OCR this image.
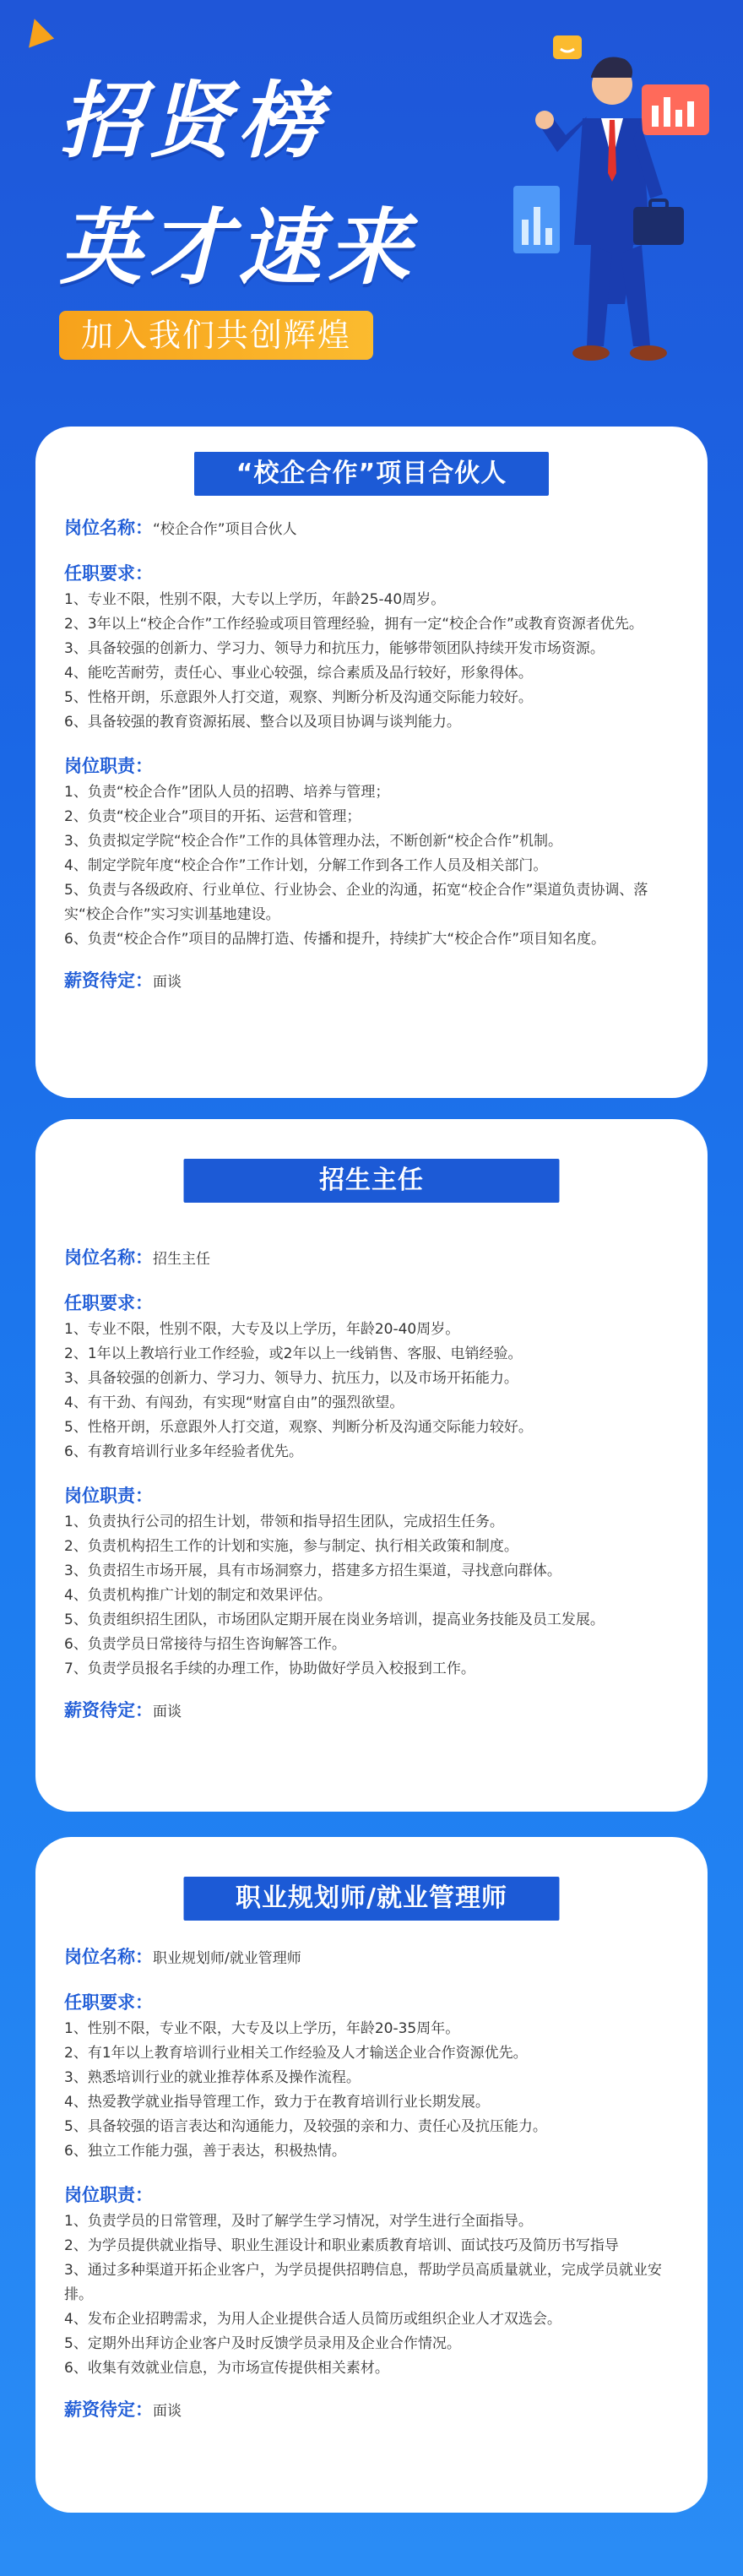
招贤榜
英才速来
加入我们共创辉煌
“校企合作”项目合伙人
岗位名称：“校企合作”项目合伙人
任职要求：
1、专业不限，性别不限，大专以上学历，年龄25-40周岁。
2、3年以上“校企合作”工作经验或项目管理经验，拥有一定“校企合作”或教育资源者优先。
3、具备较强的创新力、学习力、领导力和抗压力，能够带领团队持续开发市场资源。
4、能吃苦耐劳，责任心、事业心较强，综合素质及品行较好，形象得体。
5、性格开朗，乐意跟外人打交道，观察、判断分析及沟通交际能力较好。
6、具备较强的教育资源拓展、整合以及项目协调与谈判能力。
岗位职责：
1、负责“校企合作”团队人员的招聘、培养与管理；
2、负责“校企业合”项目的开拓、运营和管理；
3、负责拟定学院“校企合作”工作的具体管理办法，不断创新“校企合作”机制。
4、制定学院年度“校企合作”工作计划，分解工作到各工作人员及相关部门。
5、负责与各级政府、行业单位、行业协会、企业的沟通，拓宽“校企合作”渠道负责协调、落实“校企合作”实习实训基地建设。
6、负责“校企合作”项目的品牌打造、传播和提升，持续扩大“校企合作”项目知名度。
薪资待定：面谈
招生主任
岗位名称：招生主任
任职要求：
1、专业不限，性别不限，大专及以上学历，年龄20-40周岁。
2、1年以上教培行业工作经验，或2年以上一线销售、客服、电销经验。
3、具备较强的创新力、学习力、领导力、抗压力，以及市场开拓能力。
4、有干劲、有闯劲，有实现“财富自由”的强烈欲望。
5、性格开朗，乐意跟外人打交道，观察、判断分析及沟通交际能力较好。
6、有教育培训行业多年经验者优先。
岗位职责：
1、负责执行公司的招生计划，带领和指导招生团队，完成招生任务。
2、负责机构招生工作的计划和实施，参与制定、执行相关政策和制度。
3、负责招生市场开展，具有市场洞察力，搭建多方招生渠道，寻找意向群体。
4、负责机构推广计划的制定和效果评估。
5、负责组织招生团队，市场团队定期开展在岗业务培训，提高业务技能及员工发展。
6、负责学员日常接待与招生咨询解答工作。
7、负责学员报名手续的办理工作，协助做好学员入校报到工作。
薪资待定：面谈
职业规划师/就业管理师
岗位名称：职业规划师/就业管理师
任职要求：
1、性别不限，专业不限，大专及以上学历，年龄20-35周年。
2、有1年以上教育培训行业相关工作经验及人才输送企业合作资源优先。
3、熟悉培训行业的就业推荐体系及操作流程。
4、热爱教学就业指导管理工作，致力于在教育培训行业长期发展。
5、具备较强的语言表达和沟通能力，及较强的亲和力、责任心及抗压能力。
6、独立工作能力强，善于表达，积极热情。
岗位职责：
1、负责学员的日常管理，及时了解学生学习情况，对学生进行全面指导。
2、为学员提供就业指导、职业生涯设计和职业素质教育培训、面试技巧及简历书写指导
3、通过多种渠道开拓企业客户，为学员提供招聘信息，帮助学员高质量就业，完成学员就业安排。
4、发布企业招聘需求，为用人企业提供合适人员简历或组织企业人才双选会。
5、定期外出拜访企业客户及时反馈学员录用及企业合作情况。
6、收集有效就业信息，为市场宣传提供相关素材。
薪资待定：面谈
